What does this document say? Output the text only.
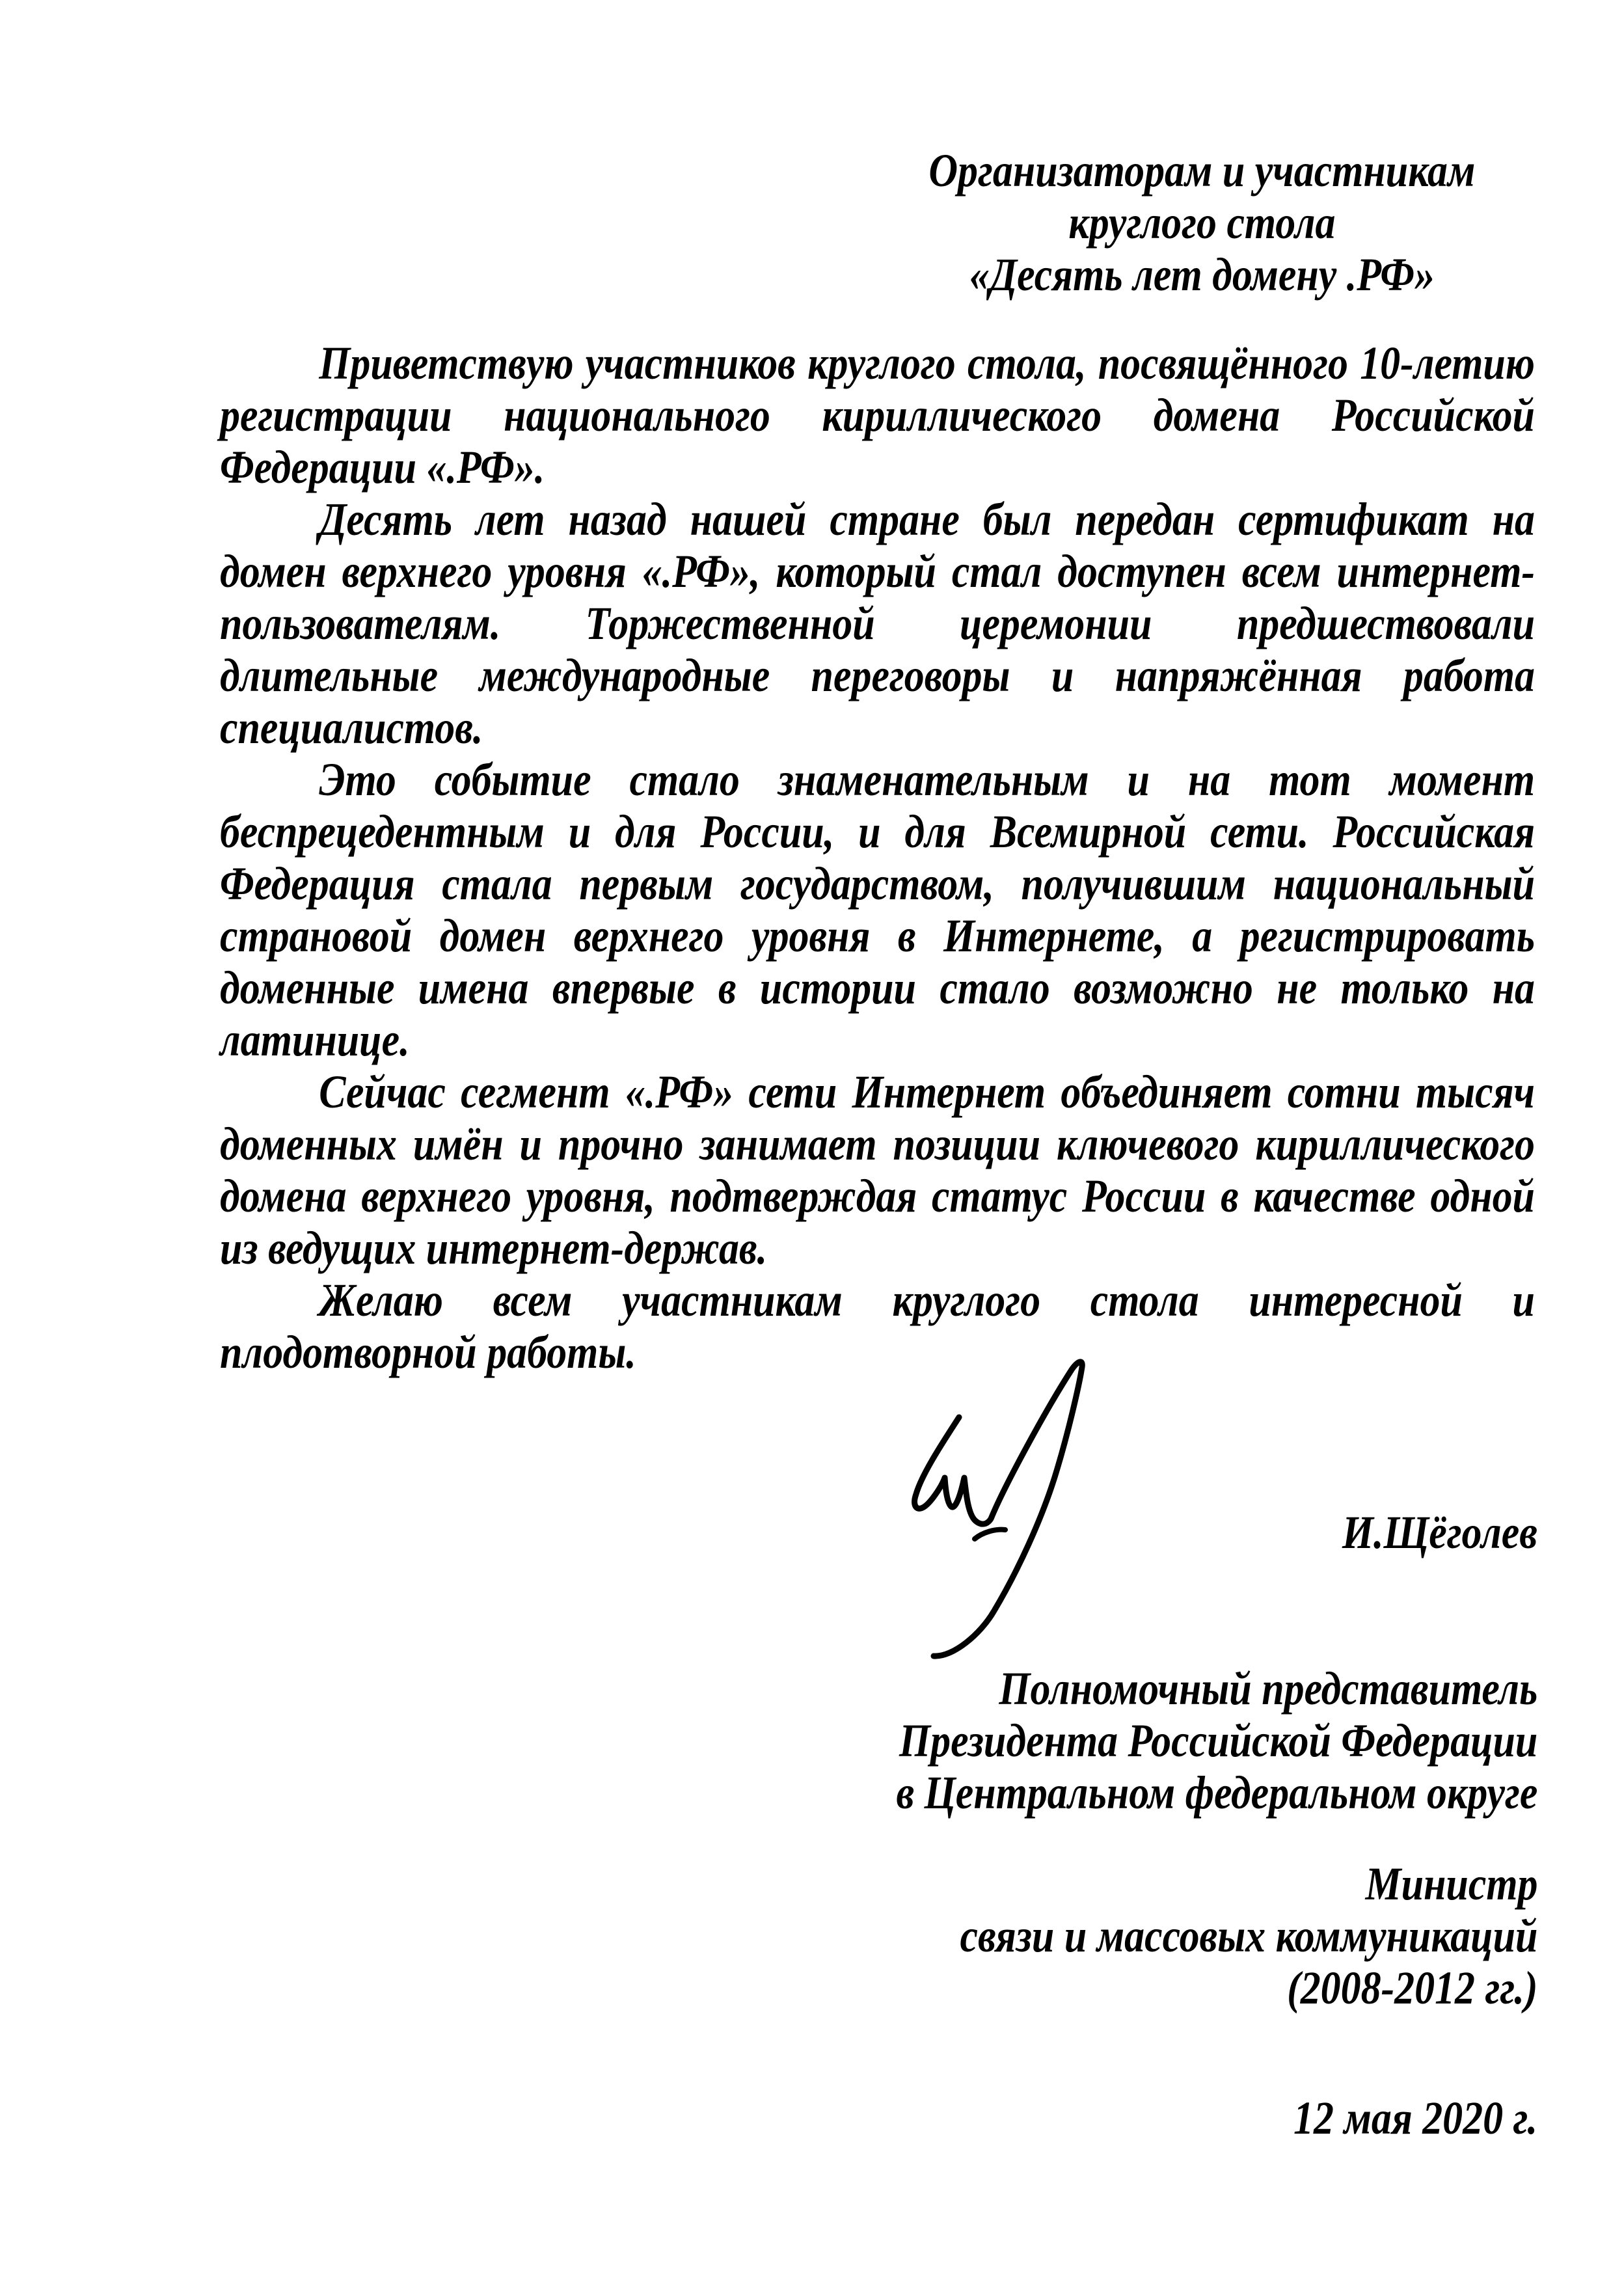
Организаторам и участникам
круглого стола
«Десять лет домену .РФ»

Приветствую участников круглого стола, посвящённого 10-летию регистрации национального кириллического домена Российской Федерации «.РФ».

Десять лет назад нашей стране был передан сертификат на домен верхнего уровня «.РФ», который стал доступен всем интернет-пользователям. Торжественной церемонии предшествовали длительные международные переговоры и напряжённая работа специалистов.

Это событие стало знаменательным и на тот момент беспрецедентным и для России, и для Всемирной сети. Российская Федерация стала первым государством, получившим национальный страновой домен верхнего уровня в Интернете, а регистрировать доменные имена впервые в истории стало возможно не только на латинице.

Сейчас сегмент «.РФ» сети Интернет объединяет сотни тысяч доменных имён и прочно занимает позиции ключевого кириллического домена верхнего уровня, подтверждая статус России в качестве одной из ведущих интернет-держав.

Желаю всем участникам круглого стола интересной и плодотворной работы.

И.Щёголев
Полномочный представитель
Президента Российской Федерации
в Центральном федеральном округе
Министр
связи и массовых коммуникаций
(2008-2012 гг.)
12 мая 2020 г.
